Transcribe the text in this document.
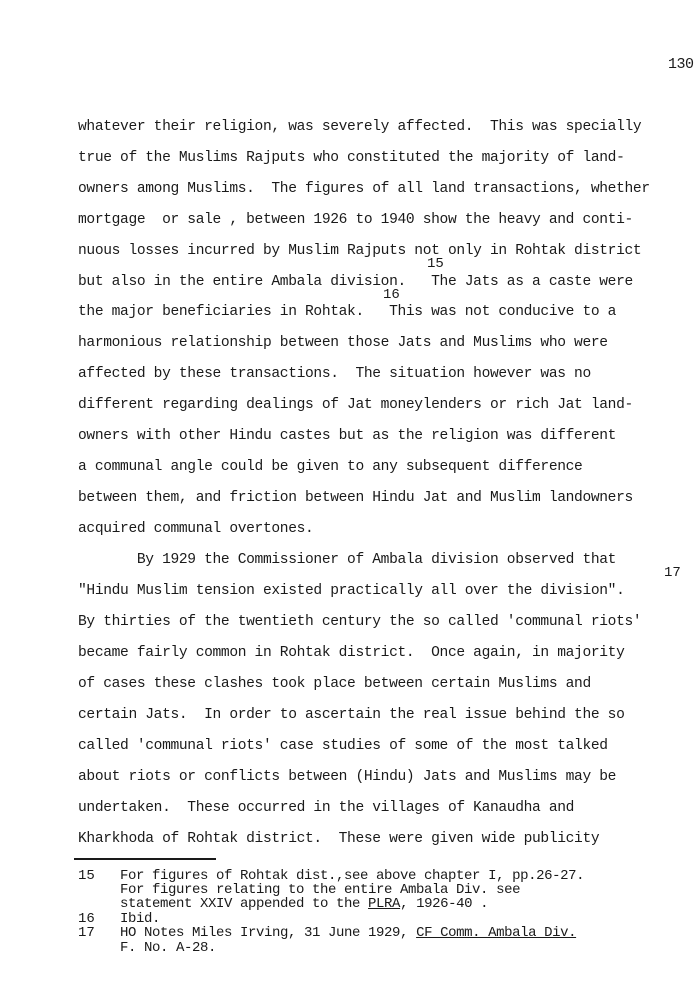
130
whatever their religion, was severely affected.  This was specially
true of the Muslims Rajputs who constituted the majority of land-
owners among Muslims.  The figures of all land transactions, whether
mortgage  or sale , between 1926 to 1940 show the heavy and conti-
nuous losses incurred by Muslim Rajputs not only in Rohtak district
15
but also in the entire Ambala division.   The Jats as a caste were
16
the major beneficiaries in Rohtak.   This was not conducive to a
harmonious relationship between those Jats and Muslims who were
affected by these transactions.  The situation however was no
different regarding dealings of Jat moneylenders or rich Jat land-
owners with other Hindu castes but as the religion was different
a communal angle could be given to any subsequent difference
between them, and friction between Hindu Jat and Muslim landowners
acquired communal overtones.
By 1929 the Commissioner of Ambala division observed that
17
"Hindu Muslim tension existed practically all over the division".
By thirties of the twentieth century the so called 'communal riots'
became fairly common in Rohtak district.  Once again, in majority
of cases these clashes took place between certain Muslims and
certain Jats.  In order to ascertain the real issue behind the so
called 'communal riots' case studies of some of the most talked
about riots or conflicts between (Hindu) Jats and Muslims may be
undertaken.  These occurred in the villages of Kanaudha and
Kharkhoda of Rohtak district.  These were given wide publicity
15 For figures of Rohtak dist.,see above chapter I, pp.26-27.
For figures relating to the entire Ambala Div. see
statement XXIV appended to the PLRA, 1926-40 .
16 Ibid.
17 HO Notes Miles Irving, 31 June 1929, CF Comm. Ambala Div.
F. No. A-28.
